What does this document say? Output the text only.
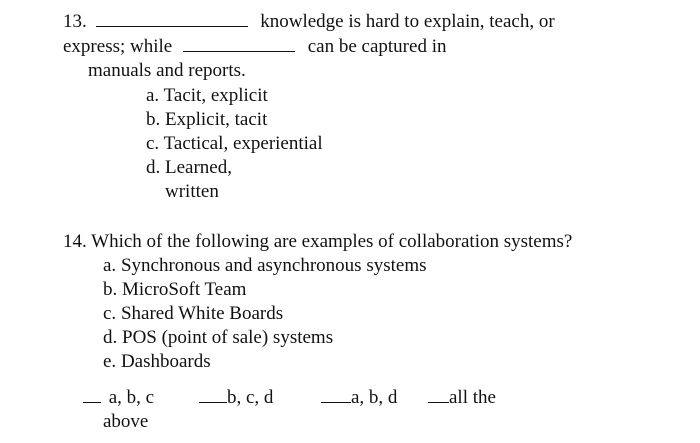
13.	knowledge is hard to explain, teach, or
express; while	can be captured in
manuals and reports.
a. Tacit, explicit
b. Explicit, tacit
c. Tactical, experiential
d. Learned,
written
14. Which of the following are examples of collaboration systems?
a. Synchronous and asynchronous systems
b. MicroSoft Team
c. Shared White Boards
d. POS (point of sale) systems
e. Dashboards
a, b, c	b, c, d	a, b, d	all the
above
